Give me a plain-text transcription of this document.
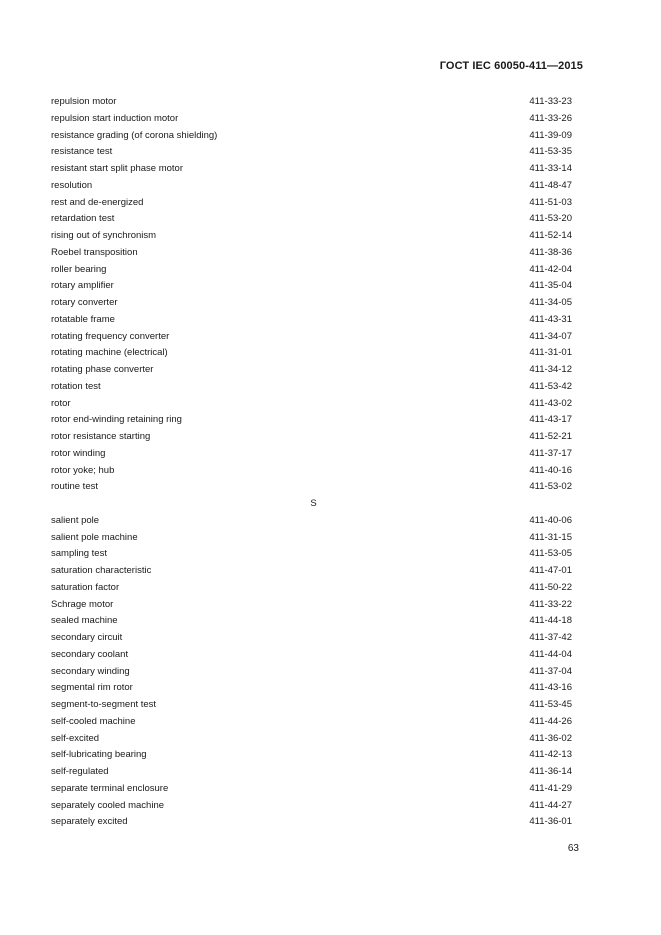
ГОСТ IEC 60050-411—2015
repulsion motor	411-33-23
repulsion start induction motor	411-33-26
resistance grading (of corona shielding)	411-39-09
resistance test	411-53-35
resistant start split phase motor	411-33-14
resolution	411-48-47
rest and de-energized	411-51-03
retardation test	411-53-20
rising out of synchronism	411-52-14
Roebel transposition	411-38-36
roller bearing	411-42-04
rotary amplifier	411-35-04
rotary converter	411-34-05
rotatable frame	411-43-31
rotating frequency converter	411-34-07
rotating machine (electrical)	411-31-01
rotating phase converter	411-34-12
rotation test	411-53-42
rotor	411-43-02
rotor end-winding retaining ring	411-43-17
rotor resistance starting	411-52-21
rotor winding	411-37-17
rotor yoke; hub	411-40-16
routine test	411-53-02
S
salient pole	411-40-06
salient pole machine	411-31-15
sampling test	411-53-05
saturation characteristic	411-47-01
saturation factor	411-50-22
Schrage motor	411-33-22
sealed machine	411-44-18
secondary circuit	411-37-42
secondary coolant	411-44-04
secondary winding	411-37-04
segmental rim rotor	411-43-16
segment-to-segment test	411-53-45
self-cooled machine	411-44-26
self-excited	411-36-02
self-lubricating bearing	411-42-13
self-regulated	411-36-14
separate terminal enclosure	411-41-29
separately cooled machine	411-44-27
separately excited	411-36-01
63
